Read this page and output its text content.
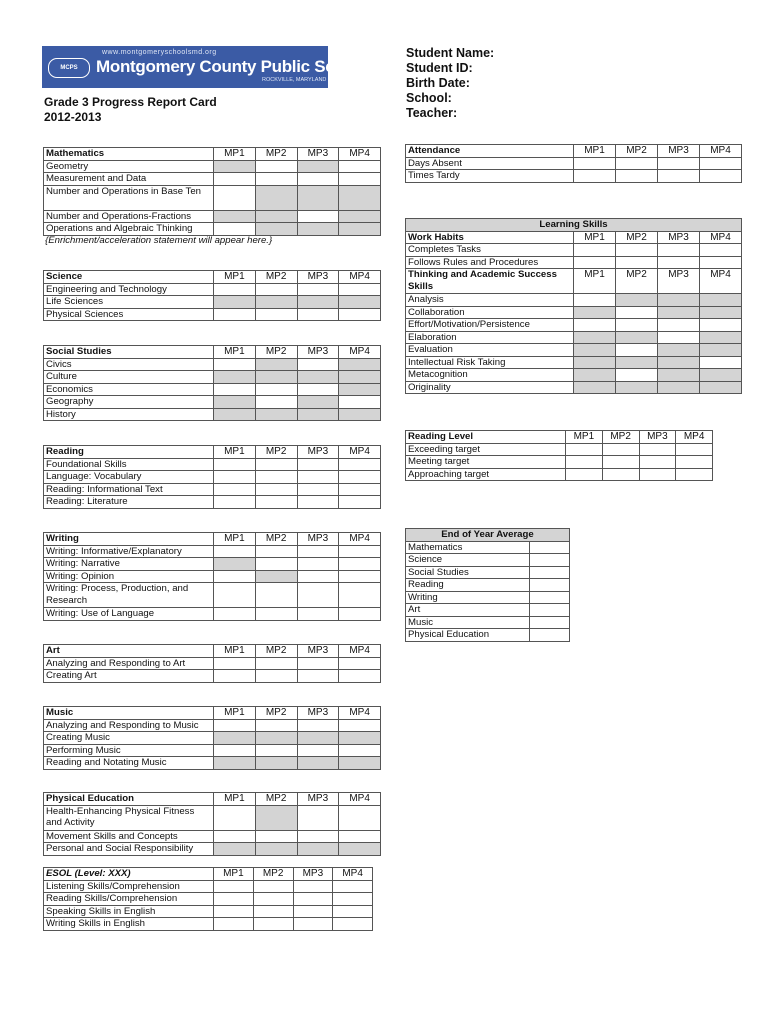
MCPS
www.montgomeryschoolsmd.org
Montgomery County Public Schools
ROCKVILLE, MARYLAND
Grade 3 Progress Report Card
2012-2013
Student Name:
Student ID:
Birth Date:
School:
Teacher:
Mathematics	MP1	MP2	MP3	MP4
Geometry				
Measurement and Data				
Number and Operations in Base Ten				
Number and Operations-Fractions				
Operations and Algebraic Thinking				
{Enrichment/acceleration statement will appear here.}
Science	MP1	MP2	MP3	MP4
Engineering and Technology				
Life Sciences				
Physical Sciences				
Social Studies	MP1	MP2	MP3	MP4
Civics				
Culture				
Economics				
Geography				
History				
Reading	MP1	MP2	MP3	MP4
Foundational Skills				
Language: Vocabulary				
Reading: Informational Text				
Reading: Literature				
Writing	MP1	MP2	MP3	MP4
Writing: Informative/Explanatory				
Writing: Narrative				
Writing: Opinion				
Writing: Process, Production, and Research				
Writing: Use of Language				
Art	MP1	MP2	MP3	MP4
Analyzing and Responding to Art				
Creating Art				
Music	MP1	MP2	MP3	MP4
Analyzing and Responding to Music				
Creating Music				
Performing Music				
Reading and Notating Music				
Physical Education	MP1	MP2	MP3	MP4
Health-Enhancing Physical Fitness and Activity				
Movement Skills and Concepts				
Personal and Social Responsibility				
ESOL (Level: XXX)	MP1	MP2	MP3	MP4
Listening Skills/Comprehension				
Reading Skills/Comprehension				
Speaking Skills in English				
Writing Skills in English				
Attendance	MP1	MP2	MP3	MP4
Days Absent				
Times Tardy				
Learning Skills				
Work Habits	MP1	MP2	MP3	MP4
Completes Tasks				
Follows Rules and Procedures				
Thinking and Academic Success Skills	MP1	MP2	MP3	MP4
Analysis				
Collaboration				
Effort/Motivation/Persistence				
Elaboration				
Evaluation				
Intellectual Risk Taking				
Metacognition				
Originality				
Reading Level	MP1	MP2	MP3	MP4
Exceeding target				
Meeting target				
Approaching target				
End of Year Average	
Mathematics	
Science	
Social Studies	
Reading	
Writing	
Art	
Music	
Physical Education	
